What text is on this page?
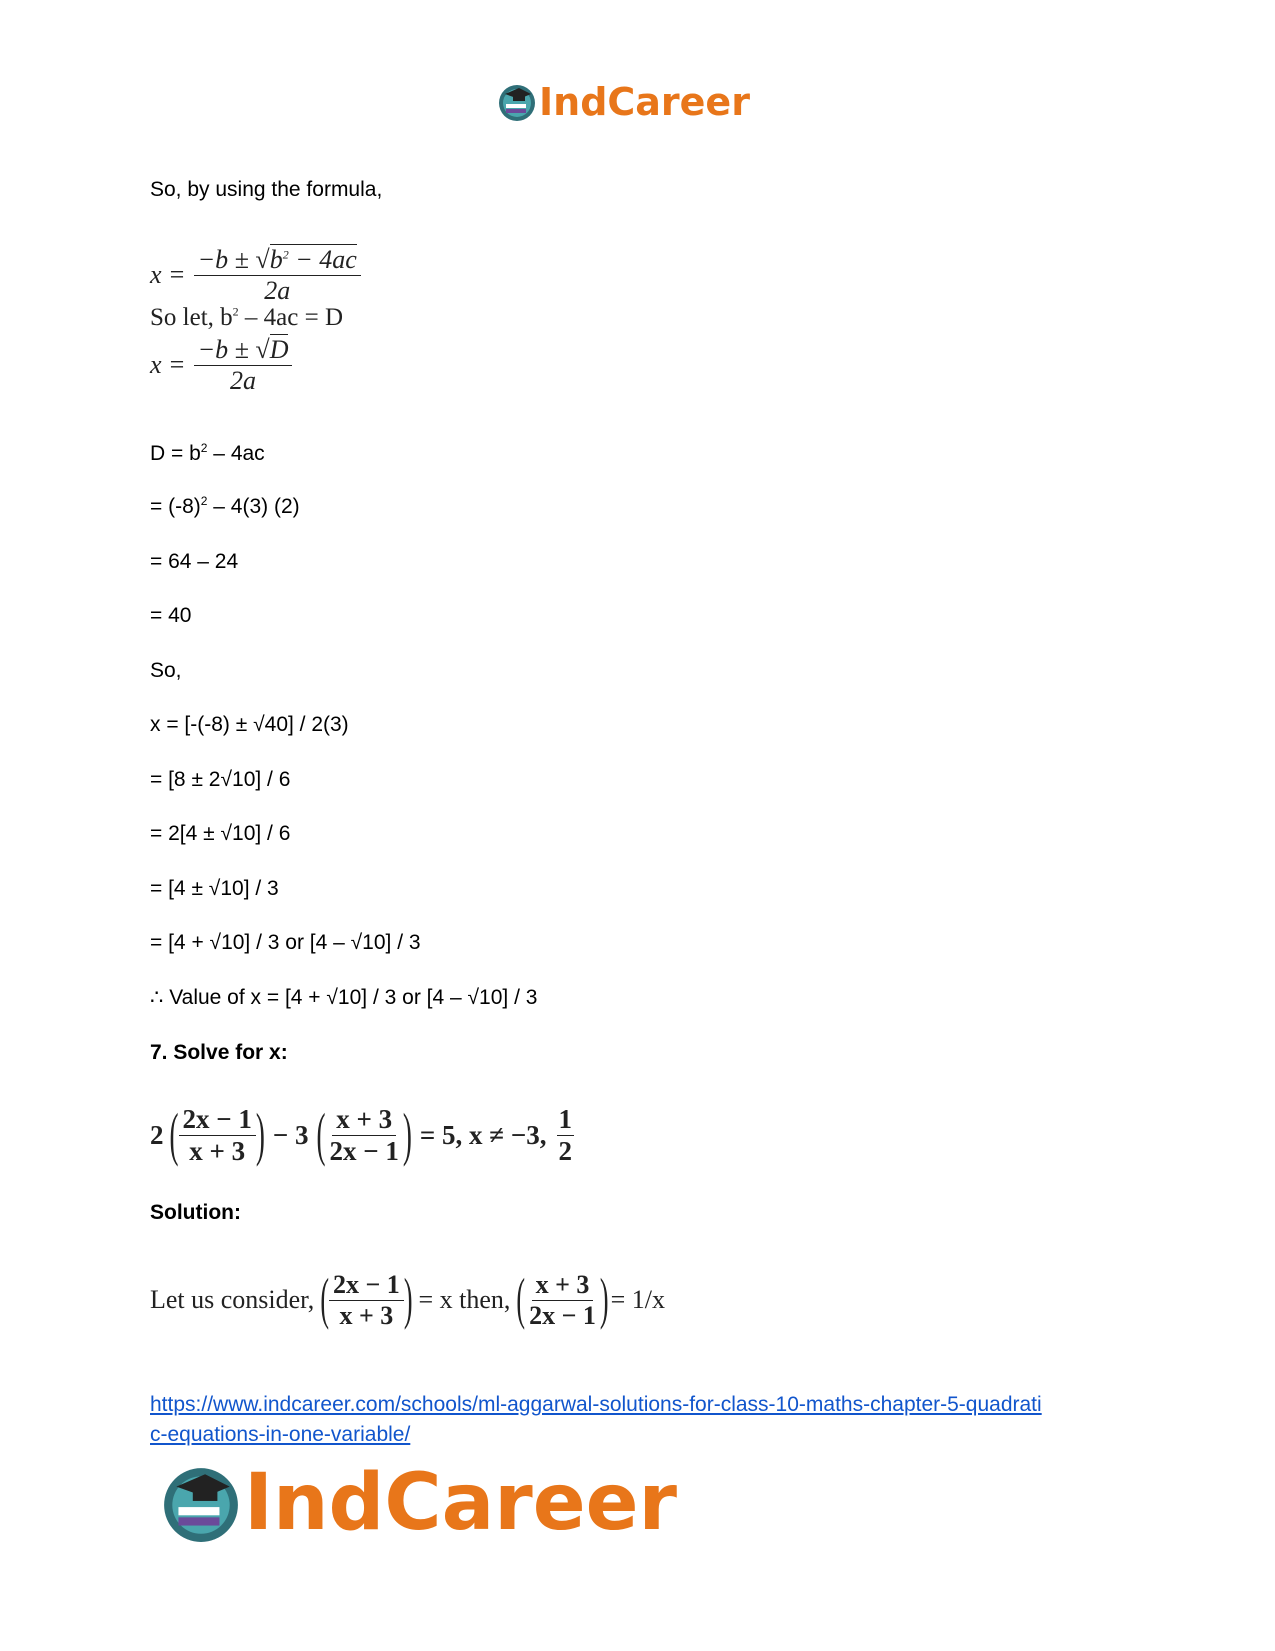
IndCareer
So, by using the formula,
$x = \frac{-b \pm √b^2 - 4ac}{2a}$
So let, $b^2 - 4ac = D$
$x = \frac{-b \pm √D}{2a}$
$D = b^2 - 4ac$
= $(-8)^2 - 4(3)$ (2)
= 64 – 24
= 40
So,
x = [-(-8) ± √40] / 2(3)
= [8 ± 2√10] / 6
= 2[4 ± √10] / 6
= [4 ± √10] / 3
= [4 + √10] / 3 or [4 – √10] / 3
∴ Value of x = [4 + √10] / 3 or [4 – √10] / 3
7. Solve for x:
2 ( $\frac{2x - 1}{x + 3}$ ) − 3 ( $\frac{x + 3}{2x - 1}$ ) = 5, x ≠ −3, $\frac{1}{2}$
Solution:
Let us consider, ( $\frac{2x - 1}{x + 3}$ ) = x then, ( $\frac{x + 3}{2x - 1}$ ) = 1/x
https://www.indcareer.com/schools/ml-aggarwal-solutions-for-class-10-maths-chapter-5-quadrati
c-equations-in-one-variable/
IndCareer
